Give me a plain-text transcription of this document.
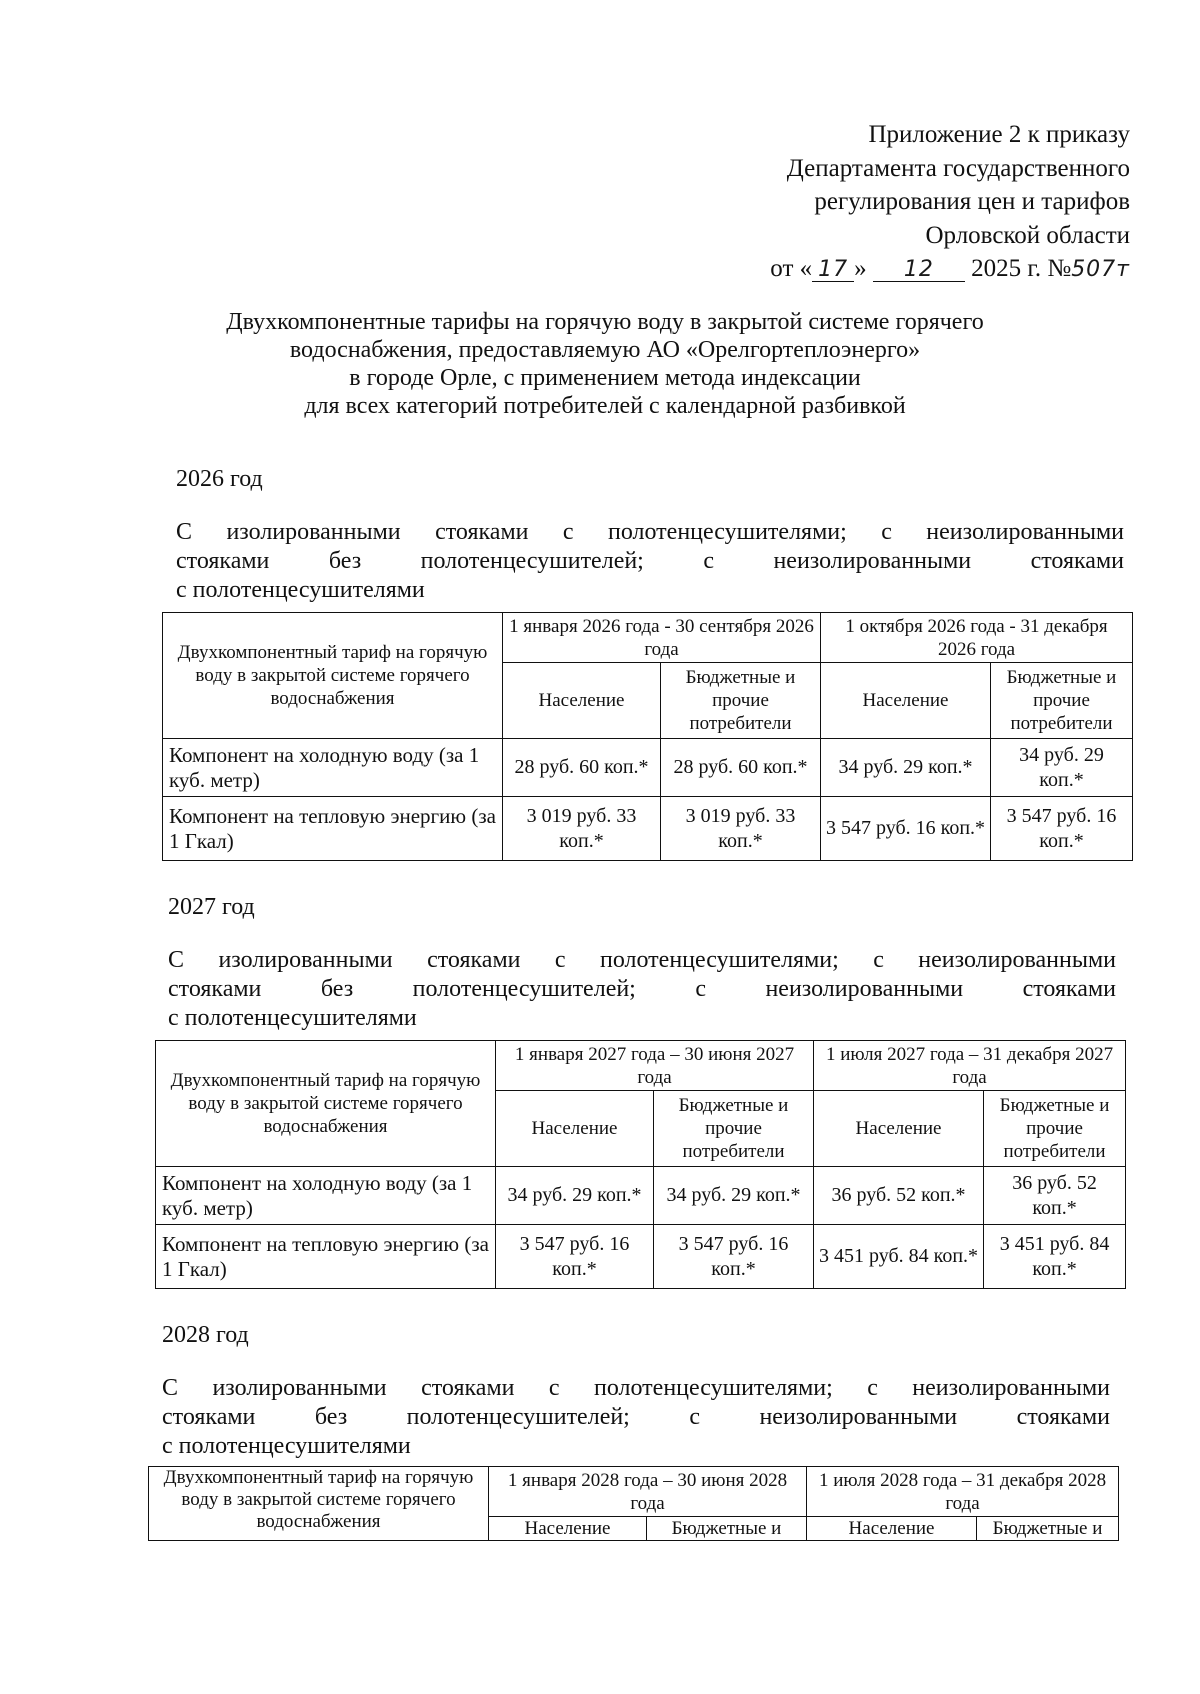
Приложение 2 к приказу
Департамента государственного
регулирования цен и тарифов
Орловской области
от « 17 » 12 2025 г. №507т
Двухкомпонентные тарифы на горячую воду в закрытой системе горячего
водоснабжения, предоставляемую АО «Орелгортеплоэнерго»
в городе Орле, с применением метода индексации
для всех категорий потребителей с календарной разбивкой
2026 год
С изолированными стояками с полотенцесушителями; с неизолированными
стояками без полотенцесушителей; с неизолированными стояками
с полотенцесушителями
Двухкомпонентный тариф на горячую воду в закрытой системе горячего водоснабжения	1 января 2026 года - 30 сентября 2026 года		1 октября 2026 года - 31 декабря 2026 года	
	Население	Бюджетные и прочие потребители	Население	Бюджетные и прочие потребители
Компонент на холодную воду (за 1 куб. метр)	28 руб. 60 коп.*	28 руб. 60 коп.*	34 руб. 29 коп.*	34 руб. 29 коп.*
Компонент на тепловую энергию (за 1 Гкал)	3 019 руб. 33 коп.*	3 019 руб. 33 коп.*	3 547 руб. 16 коп.*	3 547 руб. 16 коп.*
2027 год
С изолированными стояками с полотенцесушителями; с неизолированными
стояками без полотенцесушителей; с неизолированными стояками
с полотенцесушителями
Двухкомпонентный тариф на горячую воду в закрытой системе горячего водоснабжения	1 января 2027 года – 30 июня 2027 года		1 июля 2027 года – 31 декабря 2027 года	
	Население	Бюджетные и прочие потребители	Население	Бюджетные и прочие потребители
Компонент на холодную воду (за 1 куб. метр)	34 руб. 29 коп.*	34 руб. 29 коп.*	36 руб. 52 коп.*	36 руб. 52 коп.*
Компонент на тепловую энергию (за 1 Гкал)	3 547 руб. 16 коп.*	3 547 руб. 16 коп.*	3 451 руб. 84 коп.*	3 451 руб. 84 коп.*
2028 год
С изолированными стояками с полотенцесушителями; с неизолированными
стояками без полотенцесушителей; с неизолированными стояками
с полотенцесушителями
Двухкомпонентный тариф на горячую воду в закрытой системе горячего водоснабжения	1 января 2028 года – 30 июня 2028 года		1 июля 2028 года – 31 декабря 2028 года	
	Население	Бюджетные и	Население	Бюджетные и
